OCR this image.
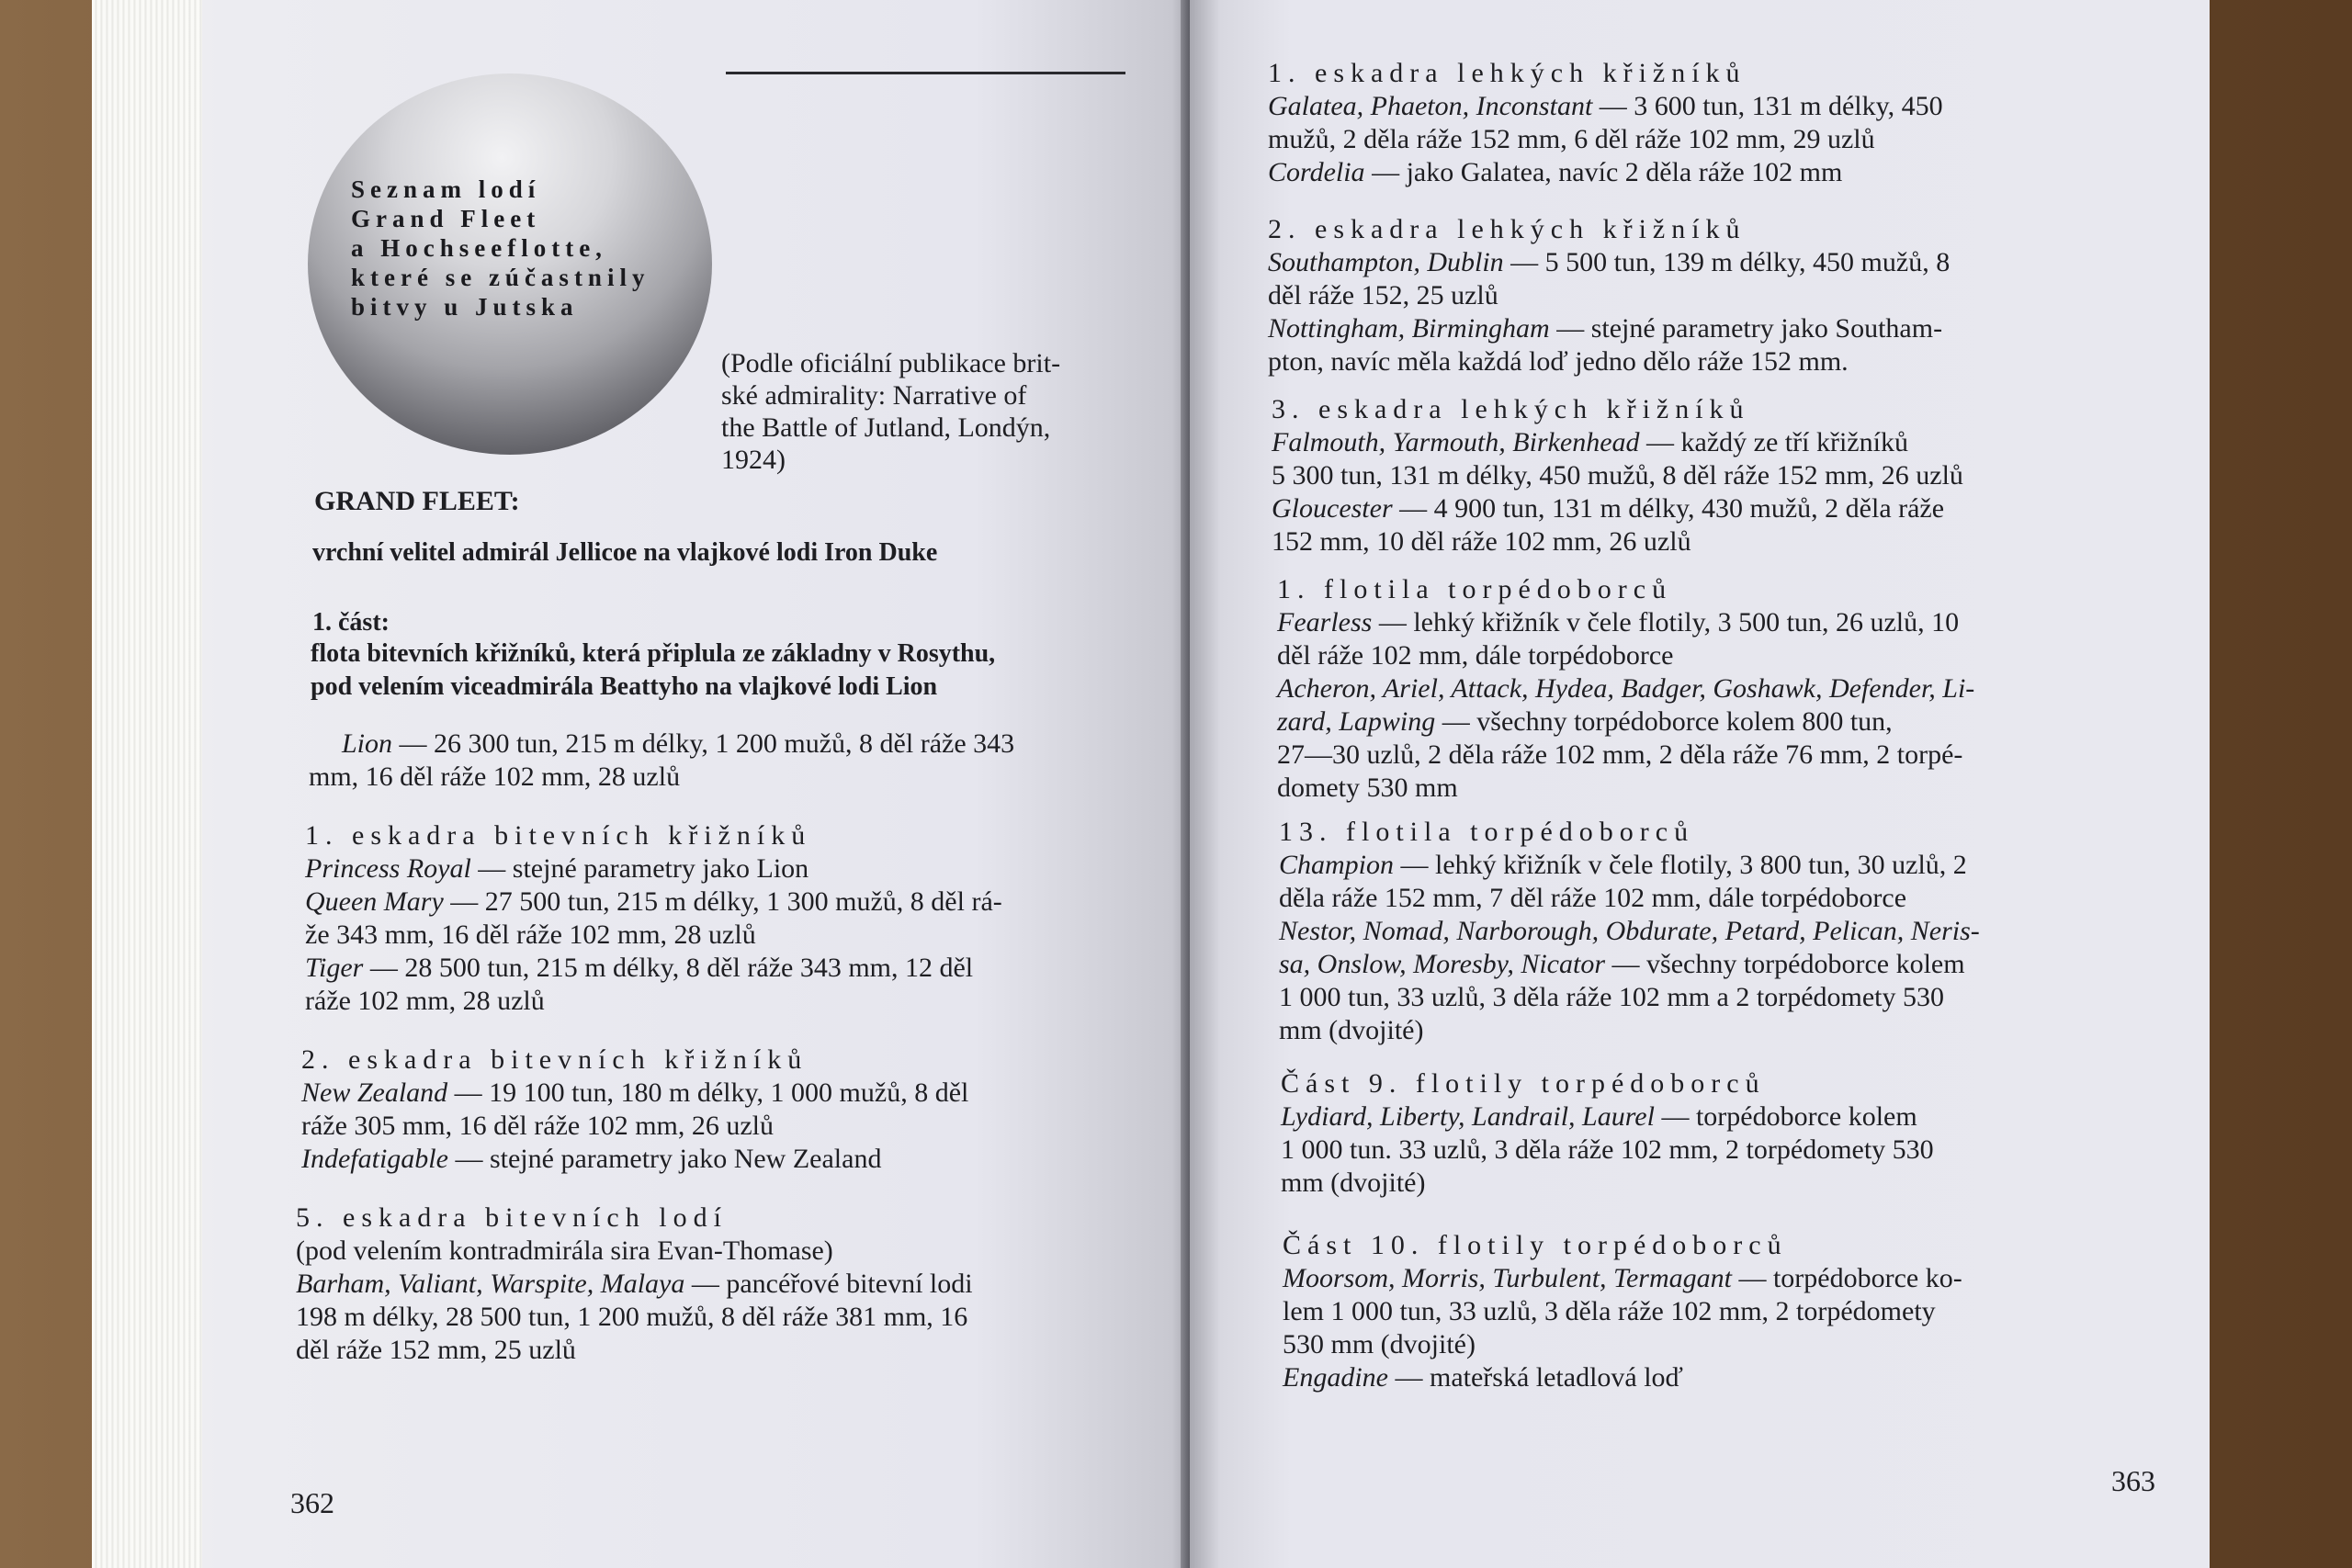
Seznam lodí
Grand Fleet
a Hochseeflotte,
které se zúčastnily
bitvy u Jutska
(Podle oficiální publikace brit-
ské admirality: Narrative of
the Battle of Jutland, Londýn,
1924)
GRAND FLEET:
vrchní velitel admirál Jellicoe na vlajkové lodi Iron Duke
1. část:
flota bitevních křižníků, která připlula ze základny v Rosythu,
pod velením viceadmirála Beattyho na vlajkové lodi Lion
Lion — 26 300 tun, 215 m délky, 1 200 mužů, 8 děl ráže 343
mm, 16 děl ráže 102 mm, 28 uzlů
1. eskadra bitevních křižníků
Princess Royal — stejné parametry jako Lion
Queen Mary — 27 500 tun, 215 m délky, 1 300 mužů, 8 děl rá-
že 343 mm, 16 děl ráže 102 mm, 28 uzlů
Tiger — 28 500 tun, 215 m délky, 8 děl ráže 343 mm, 12 děl
ráže 102 mm, 28 uzlů
2. eskadra bitevních křižníků
New Zealand — 19 100 tun, 180 m délky, 1 000 mužů, 8 děl
ráže 305 mm, 16 děl ráže 102 mm, 26 uzlů
Indefatigable — stejné parametry jako New Zealand
5. eskadra bitevních lodí
(pod velením kontradmirála sira Evan-Thomase)
Barham, Valiant, Warspite, Malaya — pancéřové bitevní lodi
198 m délky, 28 500 tun, 1 200 mužů, 8 děl ráže 381 mm, 16
děl ráže 152 mm, 25 uzlů
362
1. eskadra lehkých křižníků
Galatea, Phaeton, Inconstant — 3 600 tun, 131 m délky, 450
mužů, 2 děla ráže 152 mm, 6 děl ráže 102 mm, 29 uzlů
Cordelia — jako Galatea, navíc 2 děla ráže 102 mm
2. eskadra lehkých křižníků
Southampton, Dublin — 5 500 tun, 139 m délky, 450 mužů, 8
děl ráže 152, 25 uzlů
Nottingham, Birmingham — stejné parametry jako Southam-
pton, navíc měla každá loď jedno dělo ráže 152 mm.
3. eskadra lehkých křižníků
Falmouth, Yarmouth, Birkenhead — každý ze tří křižníků
5 300 tun, 131 m délky, 450 mužů, 8 děl ráže 152 mm, 26 uzlů
Gloucester — 4 900 tun, 131 m délky, 430 mužů, 2 děla ráže
152 mm, 10 děl ráže 102 mm, 26 uzlů
1. flotila torpédoborců
Fearless — lehký křižník v čele flotily, 3 500 tun, 26 uzlů, 10
děl ráže 102 mm, dále torpédoborce
Acheron, Ariel, Attack, Hydea, Badger, Goshawk, Defender, Li-
zard, Lapwing — všechny torpédoborce kolem 800 tun,
27—30 uzlů, 2 děla ráže 102 mm, 2 děla ráže 76 mm, 2 torpé-
domety 530 mm
13. flotila torpédoborců
Champion — lehký křižník v čele flotily, 3 800 tun, 30 uzlů, 2
děla ráže 152 mm, 7 děl ráže 102 mm, dále torpédoborce
Nestor, Nomad, Narborough, Obdurate, Petard, Pelican, Neris-
sa, Onslow, Moresby, Nicator — všechny torpédoborce kolem
1 000 tun, 33 uzlů, 3 děla ráže 102 mm a 2 torpédomety 530
mm (dvojité)
Část 9. flotily torpédoborců
Lydiard, Liberty, Landrail, Laurel — torpédoborce kolem
1 000 tun. 33 uzlů, 3 děla ráže 102 mm, 2 torpédomety 530
mm (dvojité)
Část 10. flotily torpédoborců
Moorsom, Morris, Turbulent, Termagant — torpédoborce ko-
lem 1 000 tun, 33 uzlů, 3 děla ráže 102 mm, 2 torpédomety
530 mm (dvojité)
Engadine — mateřská letadlová loď
363
